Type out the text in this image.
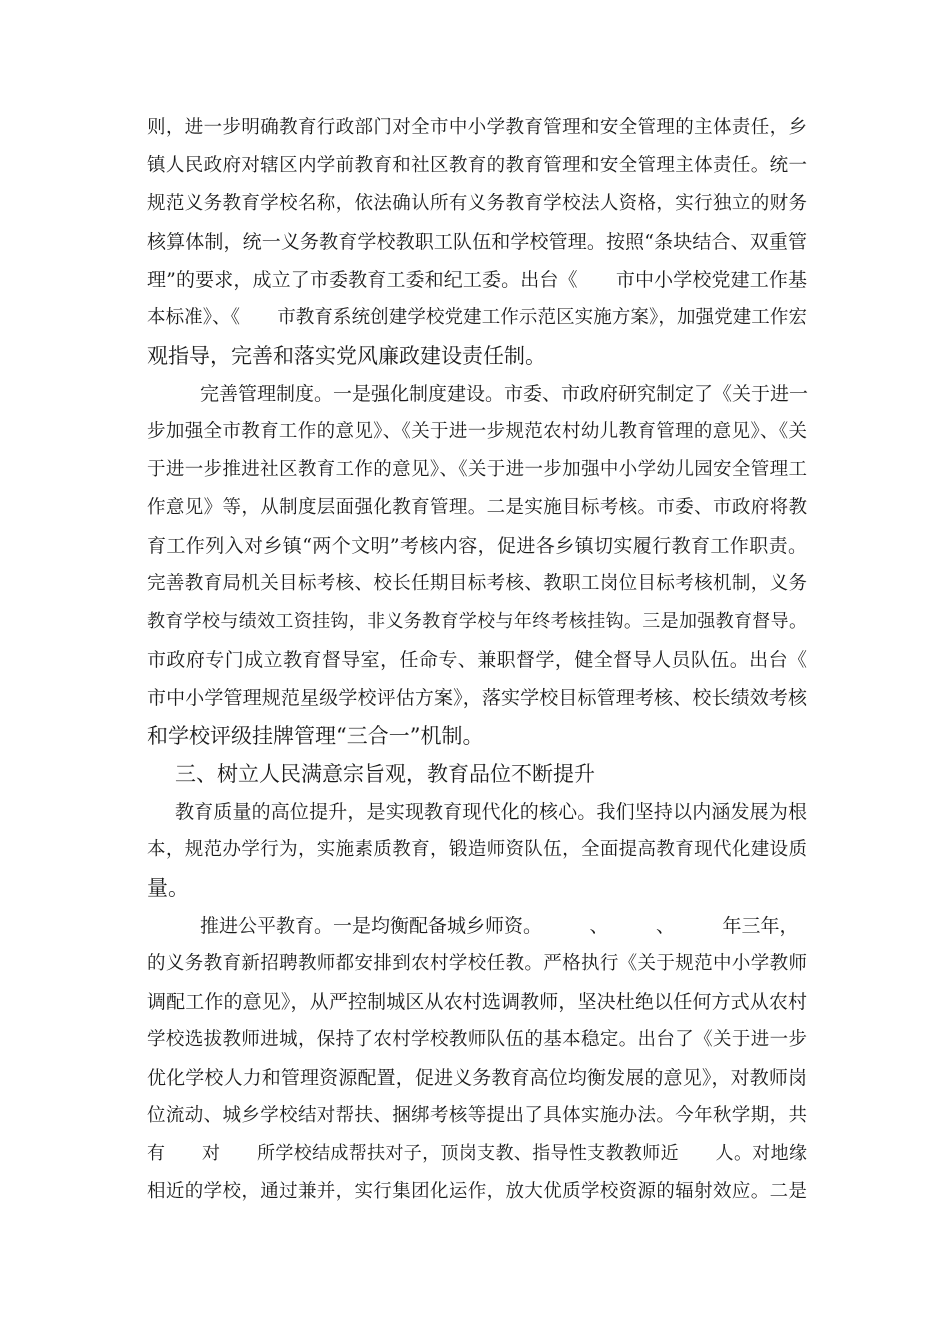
则，进一步明确教育行政部门对全市中小学教育管理和安全管理的主体责任，乡
镇人民政府对辖区内学前教育和社区教育的教育管理和安全管理主体责任。统一
规范义务教育学校名称，依法确认所有义务教育学校法人资格，实行独立的财务
核算体制，统一义务教育学校教职工队伍和学校管理。按照“条块结合、双重管
理”的要求，成立了市委教育工委和纪工委。出台《　　市中小学校党建工作基
本标准》、《　　市教育系统创建学校党建工作示范区实施方案》，加强党建工作宏
观指导，完善和落实党风廉政建设责任制。
完善管理制度。一是强化制度建设。市委、市政府研究制定了《关于进一
步加强全市教育工作的意见》、《关于进一步规范农村幼儿教育管理的意见》、《关
于进一步推进社区教育工作的意见》、《关于进一步加强中小学幼儿园安全管理工
作意见》等，从制度层面强化教育管理。二是实施目标考核。市委、市政府将教
育工作列入对乡镇“两个文明”考核内容，促进各乡镇切实履行教育工作职责。
完善教育局机关目标考核、校长任期目标考核、教职工岗位目标考核机制，义务
教育学校与绩效工资挂钩，非义务教育学校与年终考核挂钩。三是加强教育督导。
市政府专门成立教育督导室，任命专、兼职督学，健全督导人员队伍。出台《
市中小学管理规范星级学校评估方案》，落实学校目标管理考核、校长绩效考核
和学校评级挂牌管理“三合一”机制。
三、树立人民满意宗旨观，教育品位不断提升
教育质量的高位提升，是实现教育现代化的核心。我们坚持以内涵发展为根
本，规范办学行为，实施素质教育，锻造师资队伍，全面提高教育现代化建设质
量。
推进公平教育。一是均衡配备城乡师资。　　　、　　　、　　　年三年，
的义务教育新招聘教师都安排到农村学校任教。严格执行《关于规范中小学教师
调配工作的意见》，从严控制城区从农村选调教师，坚决杜绝以任何方式从农村
学校选拔教师进城，保持了农村学校教师队伍的基本稳定。出台了《关于进一步
优化学校人力和管理资源配置，促进义务教育高位均衡发展的意见》，对教师岗
位流动、城乡学校结对帮扶、捆绑考核等提出了具体实施办法。今年秋学期，共
有　　对　　所学校结成帮扶对子，顶岗支教、指导性支教教师近　　人。对地缘
相近的学校，通过兼并，实行集团化运作，放大优质学校资源的辐射效应。二是
